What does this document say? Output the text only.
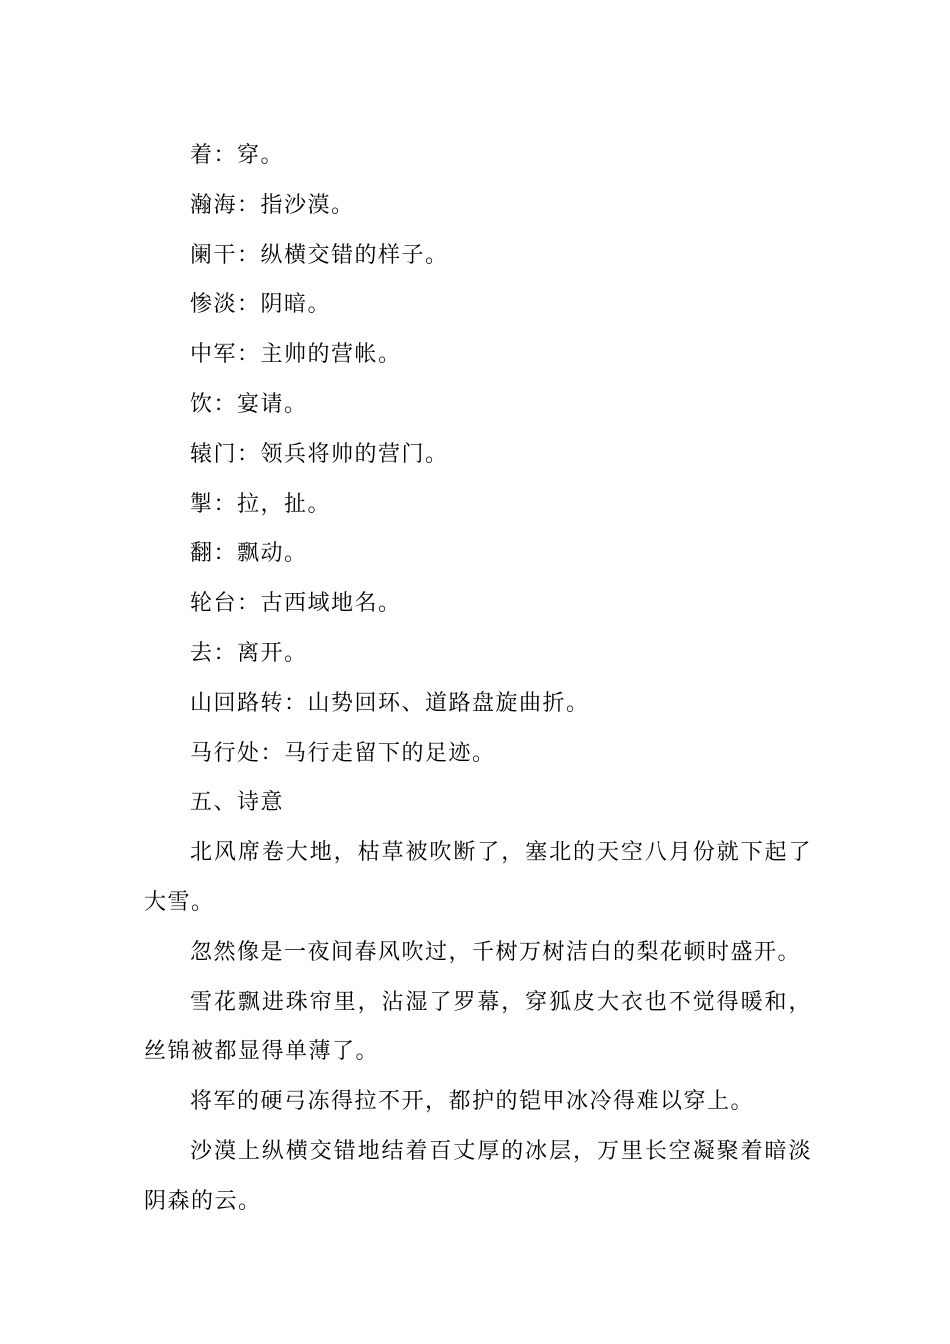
着：穿。
瀚海：指沙漠。
阑干：纵横交错的样子。
惨淡：阴暗。
中军：主帅的营帐。
饮：宴请。
辕门：领兵将帅的营门。
掣：拉，扯。
翻：飘动。
轮台：古西域地名。
去：离开。
山回路转：山势回环、道路盘旋曲折。
马行处：马行走留下的足迹。
五、诗意
北风席卷大地，枯草被吹断了，塞北的天空八月份就下起了大雪。
忽然像是一夜间春风吹过，千树万树洁白的梨花顿时盛开。
雪花飘进珠帘里，沾湿了罗幕，穿狐皮大衣也不觉得暖和，丝锦被都显得单薄了。
将军的硬弓冻得拉不开，都护的铠甲冰冷得难以穿上。
沙漠上纵横交错地结着百丈厚的冰层，万里长空凝聚着暗淡阴森的云。
